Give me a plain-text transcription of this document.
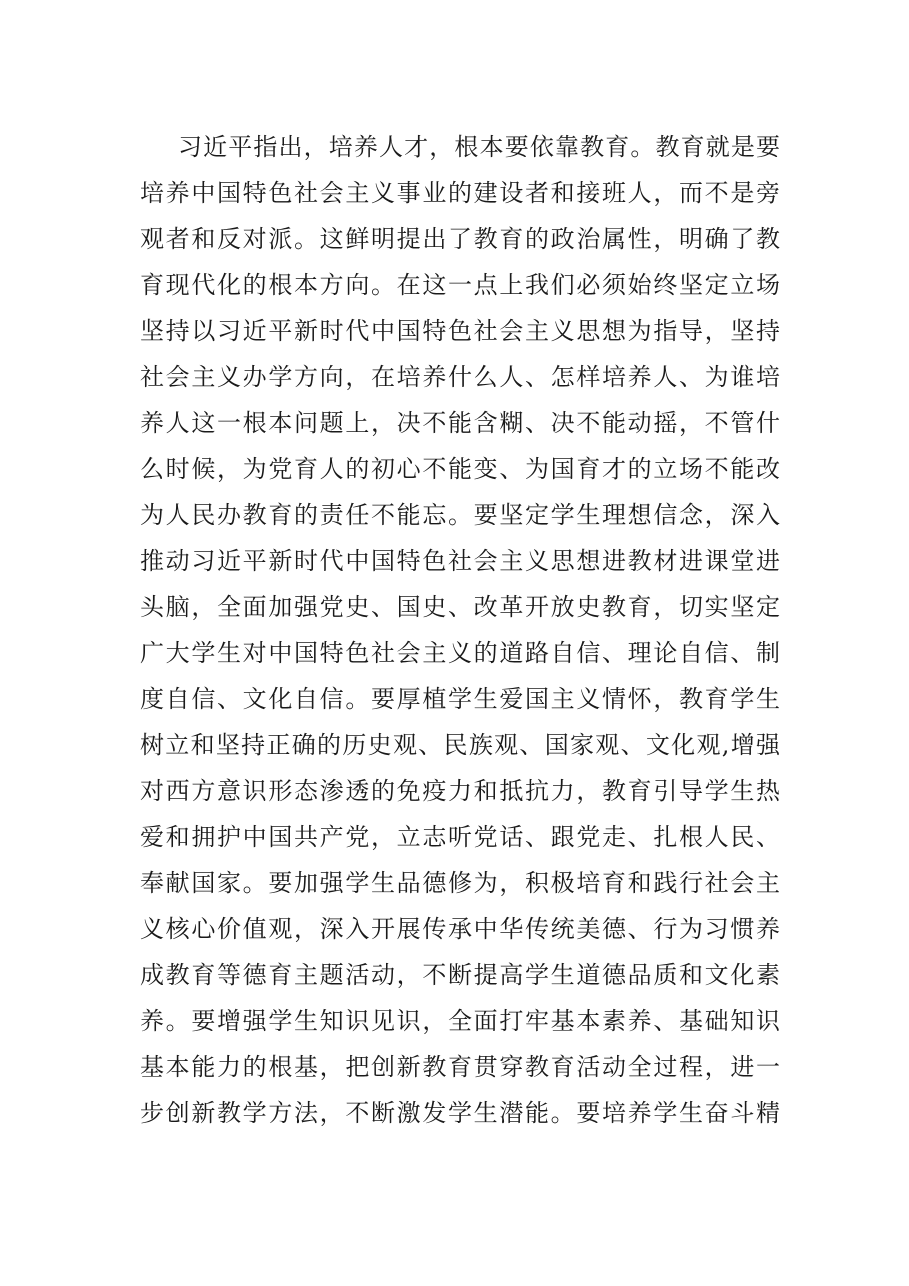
习近平指出，培养人才，根本要依靠教育。教育就是要
培养中国特色社会主义事业的建设者和接班人，而不是旁
观者和反对派。这鲜明提出了教育的政治属性，明确了教
育现代化的根本方向。在这一点上我们必须始终坚定立场
坚持以习近平新时代中国特色社会主义思想为指导，坚持
社会主义办学方向，在培养什么人、怎样培养人、为谁培
养人这一根本问题上，决不能含糊、决不能动摇，不管什
么时候，为党育人的初心不能变、为国育才的立场不能改
为人民办教育的责任不能忘。要坚定学生理想信念，深入
推动习近平新时代中国特色社会主义思想进教材进课堂进
头脑，全面加强党史、国史、改革开放史教育，切实坚定
广大学生对中国特色社会主义的道路自信、理论自信、制
度自信、文化自信。要厚植学生爱国主义情怀，教育学生
树立和坚持正确的历史观、民族观、国家观、文化观,增强
对西方意识形态渗透的免疫力和抵抗力，教育引导学生热
爱和拥护中国共产党，立志听党话、跟党走、扎根人民、
奉献国家。要加强学生品德修为，积极培育和践行社会主
义核心价值观，深入开展传承中华传统美德、行为习惯养
成教育等德育主题活动，不断提高学生道德品质和文化素
养。要增强学生知识见识，全面打牢基本素养、基础知识
基本能力的根基，把创新教育贯穿教育活动全过程，进一
步创新教学方法，不断激发学生潜能。要培养学生奋斗精
